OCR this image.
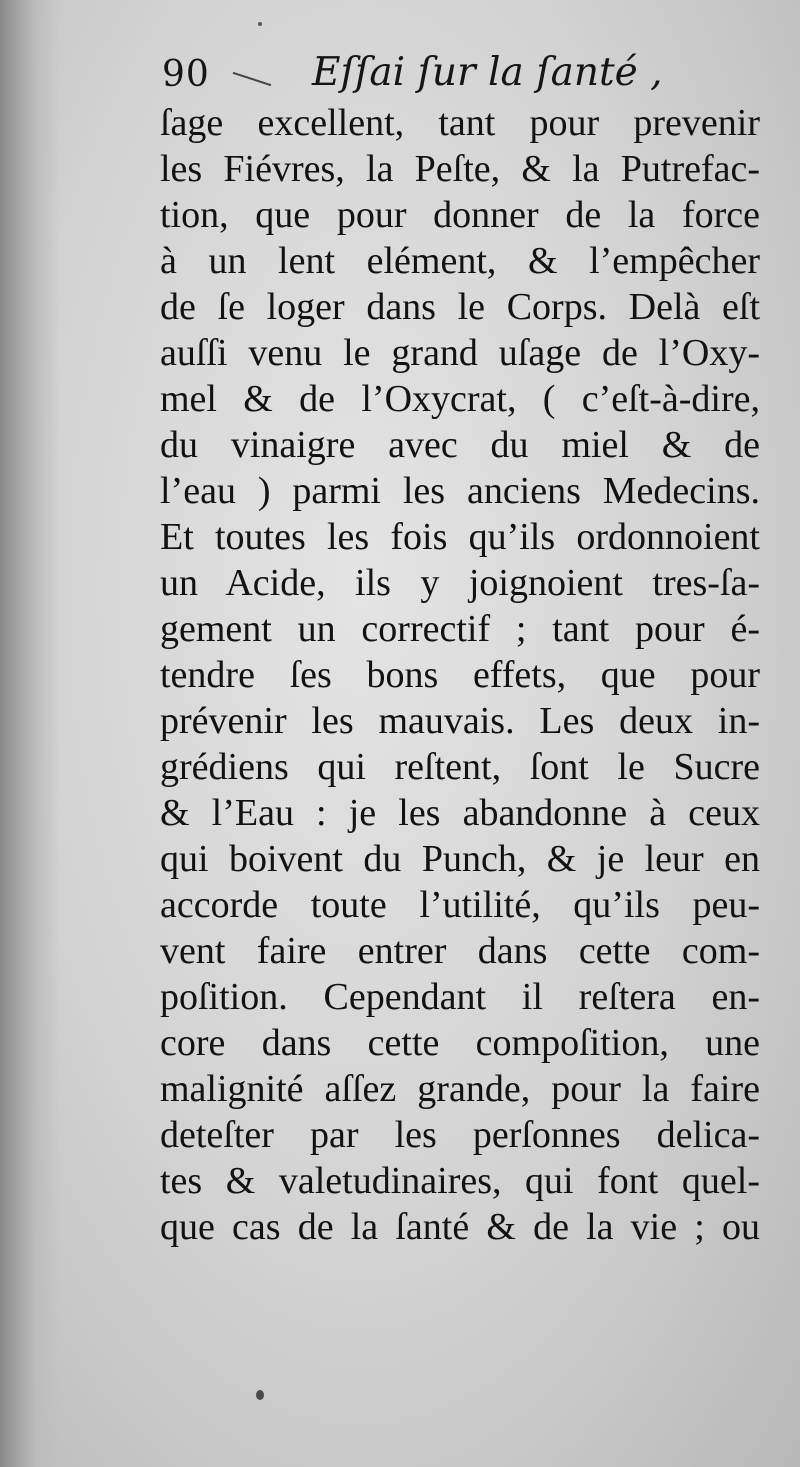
90	Eſſai ſur la ſanté ,
ſage excellent, tant pour prevenir
les Fiévres, la Peſte, & la Putrefac-
tion, que pour donner de la force
à un lent elément, & l’empêcher
de ſe loger dans le Corps. Delà eſt
auſſi venu le grand uſage de l’Oxy-
mel & de l’Oxycrat, ( c’eſt-à-dire,
du vinaigre avec du miel & de
l’eau ) parmi les anciens Medecins.
Et toutes les fois qu’ils ordonnoient
un Acide, ils y joignoient tres-ſa-
gement un correctif ; tant pour é-
tendre ſes bons effets, que pour
prévenir les mauvais. Les deux in-
grédiens qui reſtent, ſont le Sucre
& l’Eau : je les abandonne à ceux
qui boivent du Punch, & je leur en
accorde toute l’utilité, qu’ils peu-
vent faire entrer dans cette com-
poſition. Cependant il reſtera en-
core dans cette compoſition, une
malignité aſſez grande, pour la faire
deteſter par les perſonnes delica-
tes & valetudinaires, qui font quel-
que cas de la ſanté & de la vie ; ou
